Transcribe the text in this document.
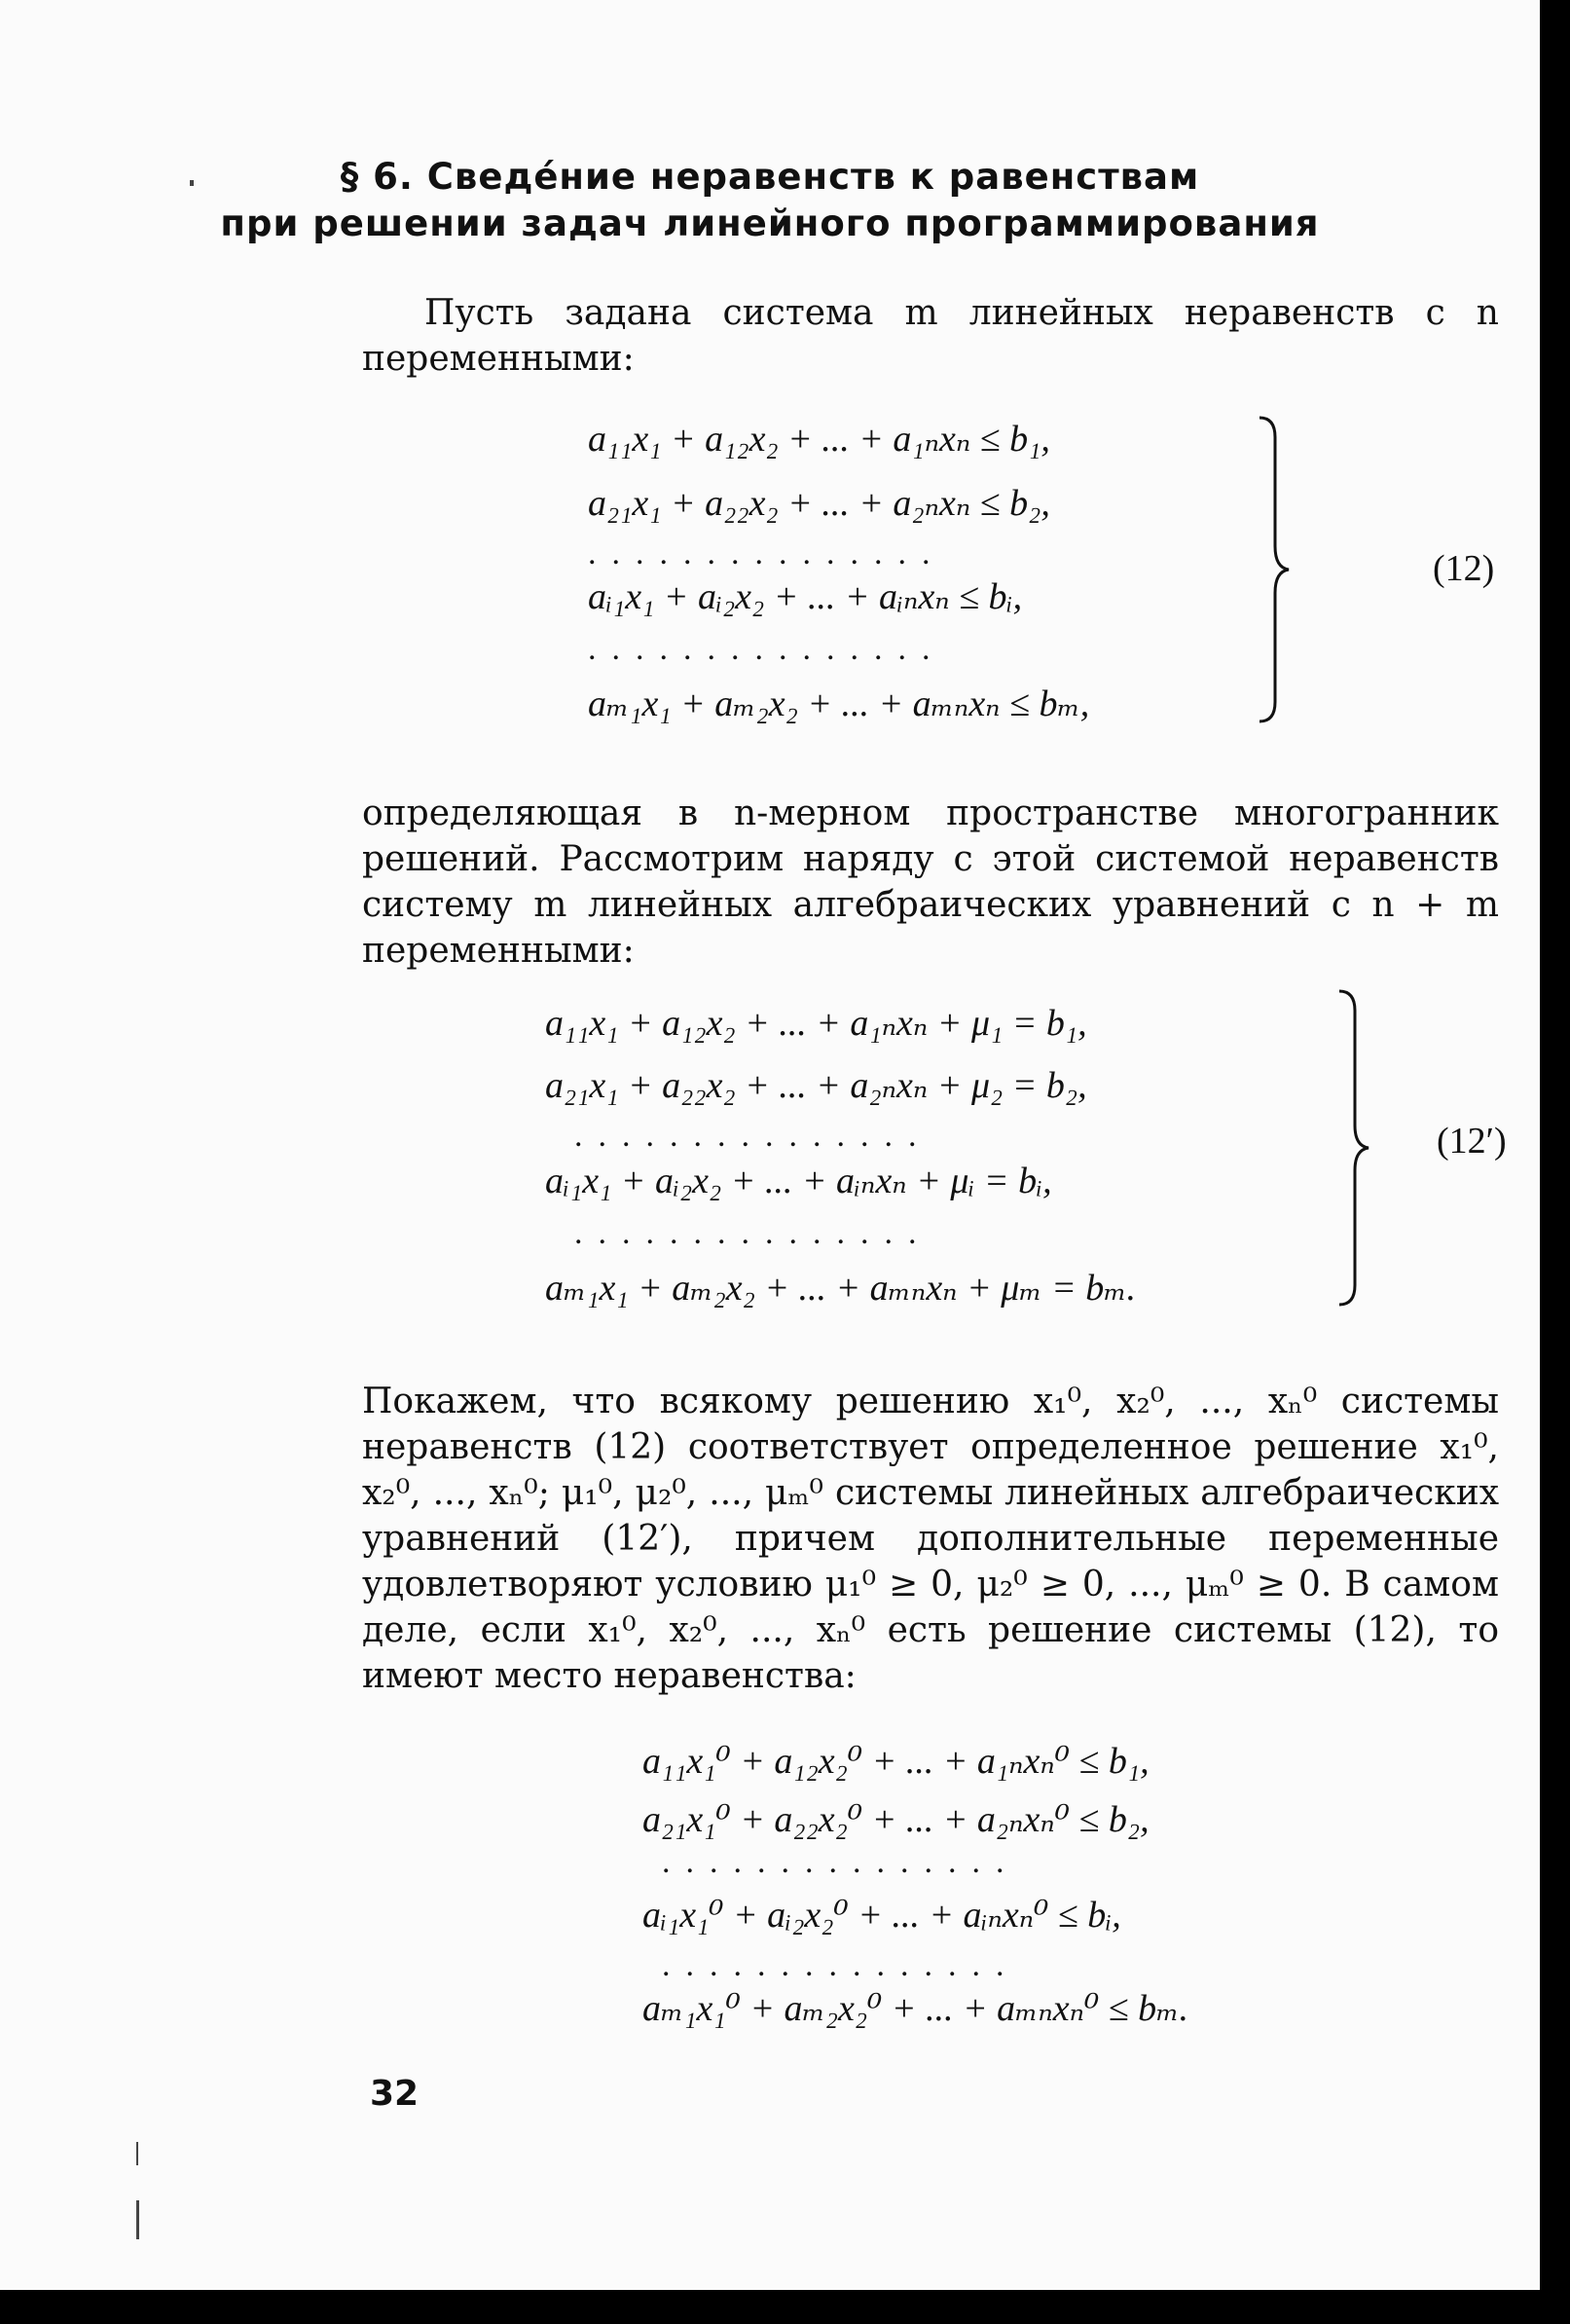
§ 6. Сведе́ние неравенств к равенствам
при решении задач линейного программирования
Пусть задана система m линейных неравенств с n переменными:
a₁₁x₁ + a₁₂x₂ + ... + a₁ₙxₙ ≤ b₁,
a₂₁x₁ + a₂₂x₂ + ... + a₂ₙxₙ ≤ b₂,
...............
aᵢ₁x₁ + aᵢ₂x₂ + ... + aᵢₙxₙ ≤ bᵢ,
...............
aₘ₁x₁ + aₘ₂x₂ + ... + aₘₙxₙ ≤ bₘ,
(12)
определяющая в n-мерном пространстве многогранник решений. Рассмотрим наряду с этой системой неравенств систему m линейных алгебраических уравнений с n + m переменными:
a₁₁x₁ + a₁₂x₂ + ... + a₁ₙxₙ + μ₁ = b₁,
a₂₁x₁ + a₂₂x₂ + ... + a₂ₙxₙ + μ₂ = b₂,
...............
aᵢ₁x₁ + aᵢ₂x₂ + ... + aᵢₙxₙ + μᵢ = bᵢ,
...............
aₘ₁x₁ + aₘ₂x₂ + ... + aₘₙxₙ + μₘ = bₘ.
(12′)
Покажем, что всякому решению x₁⁰, x₂⁰, ..., xₙ⁰ системы неравенств (12) соответствует определенное решение x₁⁰, x₂⁰, ..., xₙ⁰; μ₁⁰, μ₂⁰, ..., μₘ⁰ системы линейных алгебраических уравнений (12′), причем дополнительные переменные удовлетворяют условию μ₁⁰ ≥ 0, μ₂⁰ ≥ 0, ..., μₘ⁰ ≥ 0. В самом деле, если x₁⁰, x₂⁰, ..., xₙ⁰ есть решение системы (12), то имеют место неравенства:
a₁₁x₁⁰ + a₁₂x₂⁰ + ... + a₁ₙxₙ⁰ ≤ b₁,
a₂₁x₁⁰ + a₂₂x₂⁰ + ... + a₂ₙxₙ⁰ ≤ b₂,
...............
aᵢ₁x₁⁰ + aᵢ₂x₂⁰ + ... + aᵢₙxₙ⁰ ≤ bᵢ,
...............
aₘ₁x₁⁰ + aₘ₂x₂⁰ + ... + aₘₙxₙ⁰ ≤ bₘ.
32
